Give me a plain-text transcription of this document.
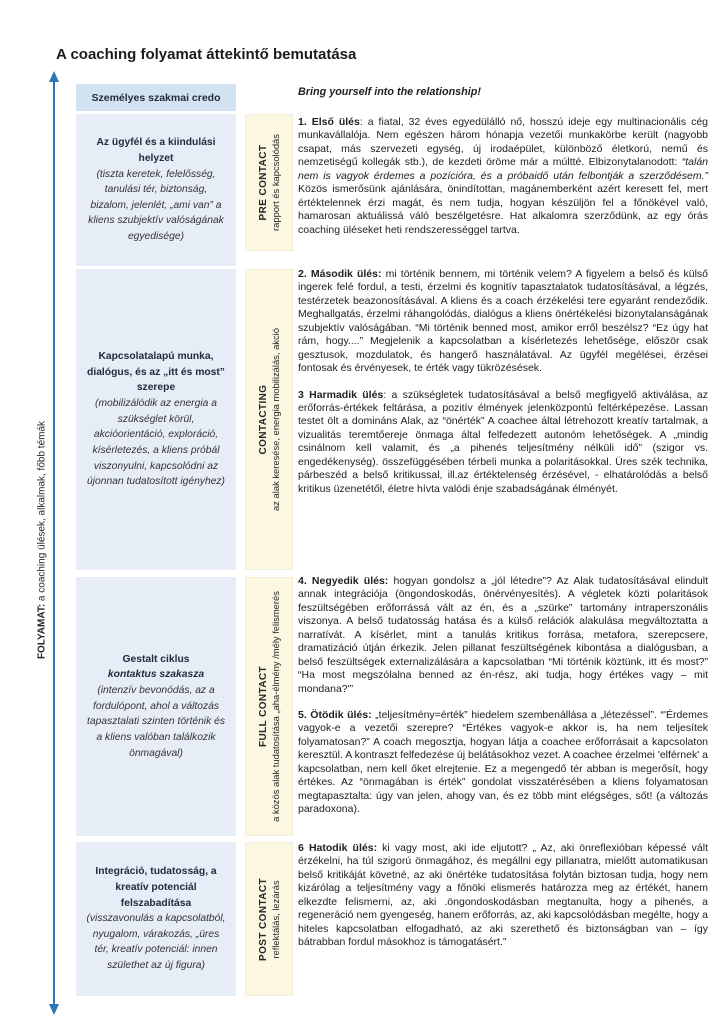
A coaching folyamat áttekintő bemutatása
FOLYAMAT: a coaching ülések, alkalmak, főbb témák
Személyes szakmai credo	Bring yourself into the relationship!
Az ügyfél és a kiindulási helyzet
(tiszta keretek, felelősség, tanulási tér, biztonság, bizalom, jelenlét, „ami van” a kliens szubjektív valóságának egyedisége)
Kapcsolatalapú munka, dialógus, és az „itt és most” szerepe
(mobilizálódik az energia a szükséglet körül, akcióorientáció, exploráció, kísérletezés, a kliens próbál viszonyulni, kapcsolódni az újonnan tudatosított igényhez)
Gestalt ciklus
kontaktus szakasza
(intenzív bevonódás, az a fordulópont, ahol a változás tapasztalati szinten történik és a kliens valóban találkozik önmagával)
Integráció, tudatosság, a kreatív potenciál felszabadítása
(visszavonulás a kapcsolatból, nyugalom, várakozás, „üres tér, kreatív potenciál: innen születhet az új figura)
PRE CONTACT rapport és kapcsolódás
CONTACTING az alak keresése, energia mobilizálás, akció
FULL CONTACT a közös alak tudatosítása „aha-élmény /mély felismerés
POST CONTACT reflektálás, lezárás

1. Első ülés: a fiatal, 32 éves egyedülálló nő, hosszú ideje egy multinacionális cég munkavállalója. Nem egészen három hónapja vezetői munkakörbe került (nagyobb csapat, más szervezeti egység, új irodaépület, különböző életkorú, nemű és nemzetiségű kollegák stb.), de kezdeti öröme már a múltté. Elbizonytalanodott: “talán nem is vagyok érdemes a pozícióra, és a próbaidő után felbontják a szerződésem.” Közös ismerősünk ajánlására, önindítottan, magánemberként azért keresett fel, mert értéktelennek érzi magát, és nem tudja, hogyan készüljön fel a főnökével való, hamarosan aktuálissá váló beszélgetésre. Hat alkalomra szerződünk, az egy órás coaching üléseket heti rendszerességgel tartva.

2. Második ülés: mi történik bennem, mi történik velem? A figyelem a belső és külső ingerek felé fordul, a testi, érzelmi és kognitív tapasztalatok tudatosításával, a légzés, testérzetek beazonosításával. A kliens és a coach érzékelési tere egyaránt rendeződik. Meghallgatás, érzelmi ráhangolódás, dialógus a kliens önértékelési bizonytalanságának szubjektív valóságában. “Mi történik benned most, amikor erről beszélsz? “Ez úgy hat rám, hogy....” Megjelenik a kapcsolatban a kísérletezés lehetősége, először csak gesztusok, mozdulatok, és hangerő használatával. Az ügyfél megélései, érzései fontosak és érvényesek, te érték vagy tükrözésések.

3 Harmadik ülés: a szükségletek tudatosításával a belső megfigyelő aktiválása, az erőforrás-értékek feltárása, a pozitív élmények jelenközpontú feltérképezése. Lassan testet ölt a domináns Alak, az “önérték” A coachee által létrehozott kreatív tartalmak, a vizualitás teremtőereje önmaga által felfedezett autonóm lehetőségek. A „mindig csinálnom kell valamit, és „a pihenés teljesítmény nélküli idő” (szigor vs. engedékenység). összefüggésében térbeli munka a polaritásokkal. Üres szék technika, párbeszéd a belső kritikussal, ill.az értéktelenség érzésével, - elhatárolódás a belső kritikus üzenetétől, életre hívta valódi énje szabadságának élményét.

4. Negyedik ülés: hogyan gondolsz a „jól létedre”? Az Alak tudatosításával elindult annak integrációja (öngondoskodás, önérvényesítés). A végletek közti polaritások feszültségében erőforrássá vált az én, és a „szürke” tartomány intraperszonális viszonya. A belső tudatosság hatása és a külső relációk alakulása megváltoztatta a narratívát. A kísérlet, mint a tanulás kritikus forrása, metafora, szerepcsere, dramatizáció útján érkezik. Jelen pillanat feszültségének kibontása a dialógusban, a belső feszültségek externalizálására a kapcsolatban “Mi történik köztünk, itt és most?” “Ha most megszólalna benned az én-rész, aki tudja, hogy értékes vagy – mit mondana?'”

5. Ötödik ülés: „teljesítmény=érték” hiedelem szembenállása a „létezéssel”. “'Érdemes vagyok-e a vezetői szerepre? “Értékes vagyok-e akkor is, ha nem teljesítek folyamatosan?” A coach megosztja, hogyan látja a coachee erőforrásait a kapcsolaton keresztül. A kontraszt felfedezése új belátásokhoz vezet. A coachee érzelmei 'elférnek' a kapcsolatban, nem kell őket elrejtenie. Ez a megengedő tér abban is megerősít, hogy értékes. Az “önmagában is érték” gondolat visszatérésében a kliens folyamatosan megtapasztalta: úgy van jelen, ahogy van, és ez több mint elégséges, sőt! (a változás paradoxona).

6 Hatodik ülés: ki vagy most, aki ide eljutott? „ Az, aki önreflexióban képessé vált érzékelni, ha túl szigorú önmagához, és megállni egy pillanatra, mielőtt automatikusan belső kritikáját követné, az aki önértéke tudatosítása folytán biztosan tudja, hogy nem kizárólag a teljesítmény vagy a főnöki elismerés határozza meg az értékét, hanem elkezdte felismerni, az, aki .öngondoskodásban megtanulta, hogy a pihenés, a regeneráció nem gyengeség, hanem erőforrás, az, aki kapcsolódásban megélte, hogy a hiteles kapcsolatban elfogadható, az aki szerethető és biztonságban van – így bátrabban fordul másokhoz is támogatásért.”
